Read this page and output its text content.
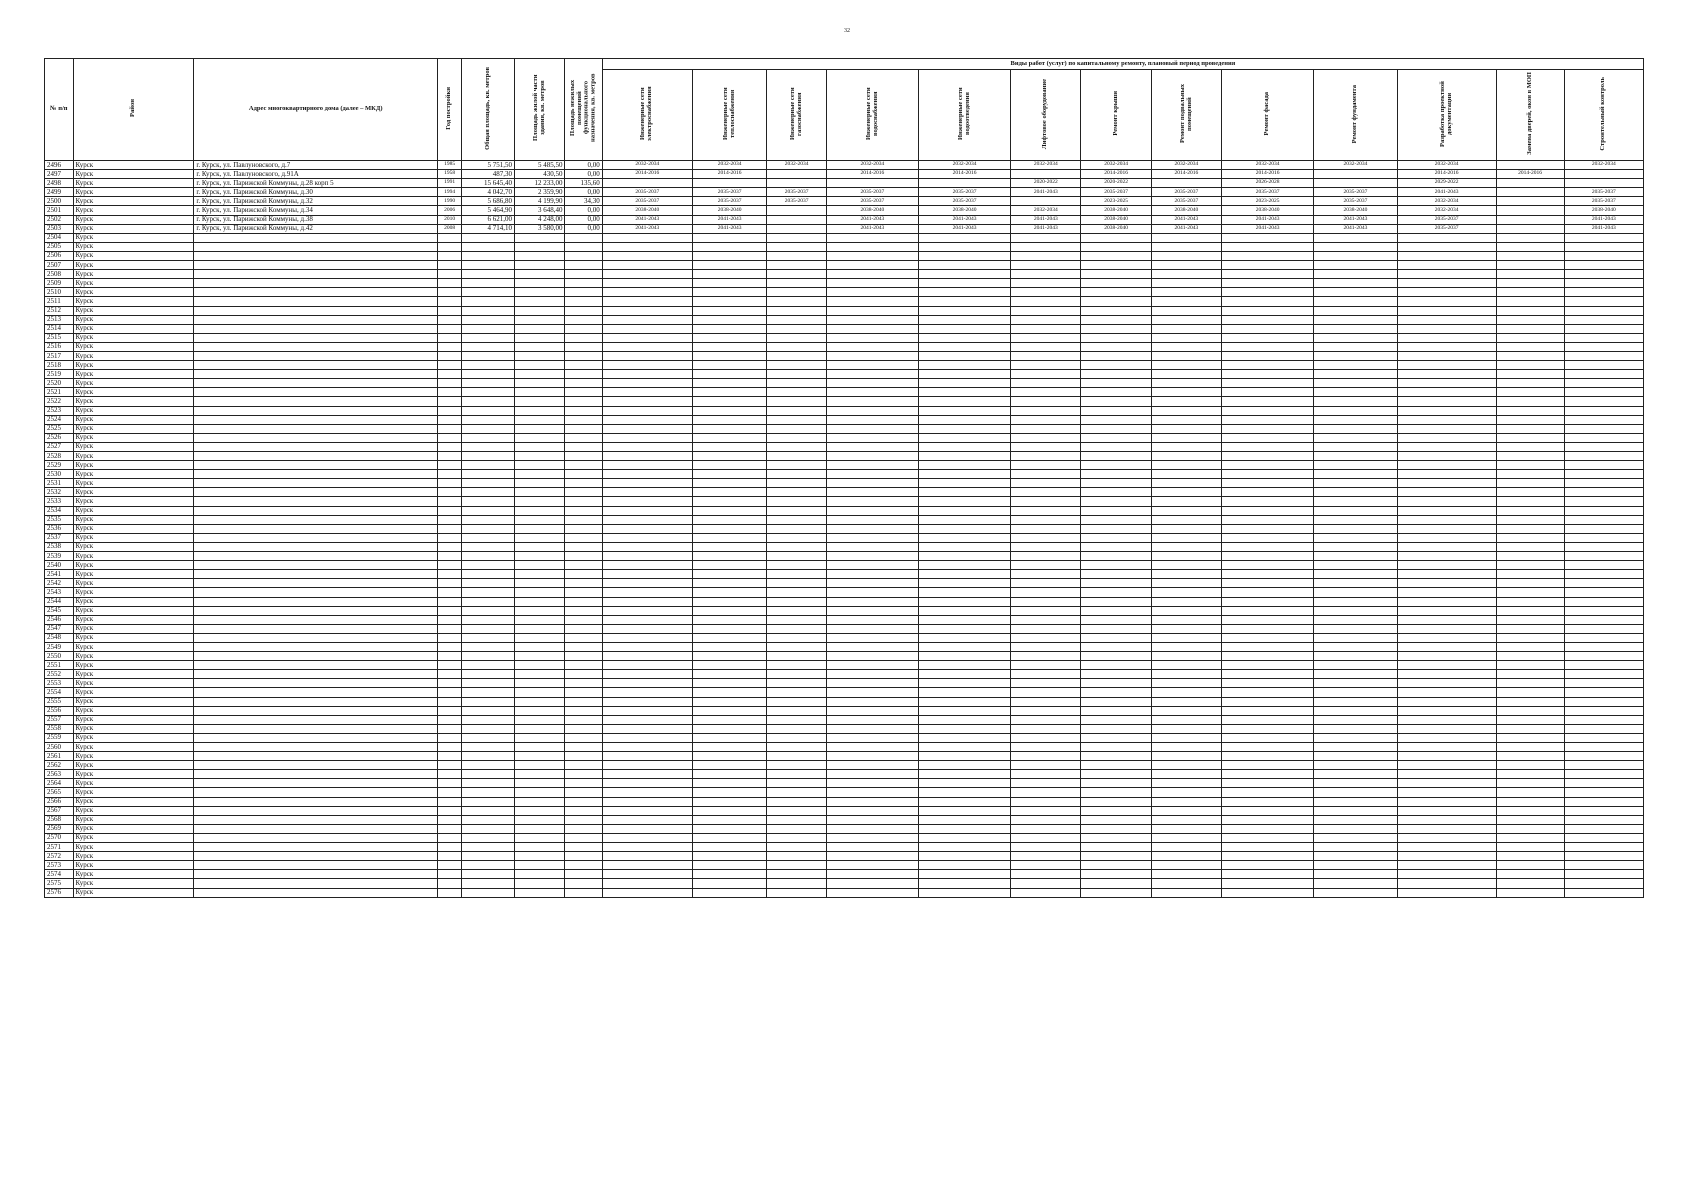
32
№ п/п	Район	Адрес многоквартирного дома (далее – МКД)	Год постройки	Общая площадь, кв. метров	Площадь жилой части здания, кв. метров	Площадь нежилых помещений функционального назначения, кв. метров	Виды работ (услуг) по капитальному ремонту, плановый период проведения												
							Инженерные сети электроснабжения	Инженерные сети теплоснабжения	Инженерные сети газоснабжения	Инженерные сети водоснабжения	Инженерные сети водоотведения	Лифтовое оборудование	Ремонт крыши	Ремонт подвальных помещений	Ремонт фасада	Ремонт фундамента	Разработка проектной документации	Замена дверей, окон в МОП	Строительный контроль
2496	Курск	г. Курск, ул. Павлуновского, д.7	1985	5 751,50	5 485,50	0,00	2032-2034	2032-2034	2032-2034	2032-2034	2032-2034	2032-2034	2032-2034	2032-2034	2032-2034	2032-2034	2032-2034		2032-2034
2497	Курск	г. Курск, ул. Павлуновского, д.91А	1958	487,30	430,50	0,00	2014-2016	2014-2016		2014-2016	2014-2016		2014-2016	2014-2016	2014-2016		2014-2016	2014-2016	
2498	Курск	г. Курск, ул. Парижской Коммуны, д.28 корп 5	1991	15 645,40	12 233,00	135,60						2020-2022	2020-2022		2026-2028		2029-2022		
2499	Курск	г. Курск, ул. Парижской Коммуны, д.30	1994	4 042,70	2 359,90	0,00	2035-2037	2035-2037	2035-2037	2035-2037	2035-2037	2041-2043	2035-2037	2035-2037	2035-2037	2035-2037	2041-2043		2035-2037
2500	Курск	г. Курск, ул. Парижской Коммуны, д.32	1990	5 686,80	4 199,90	34,30	2035-2037	2035-2037	2035-2037	2035-2037	2035-2037		2023-2025	2035-2037	2023-2025	2035-2037	2032-2034		2035-2037
2501	Курск	г. Курск, ул. Парижской Коммуны, д.34	2006	5 464,90	3 648,40	0,00	2038-2040	2038-2040		2038-2040	2038-2040	2032-2034	2038-2040	2038-2040	2038-2040	2038-2040	2032-2034		2038-2040
2502	Курск	г. Курск, ул. Парижской Коммуны, д.38	2010	6 621,00	4 248,00	0,00	2041-2043	2041-2043		2041-2043	2041-2043	2041-2043	2038-2040	2041-2043	2041-2043	2041-2043	2035-2037		2041-2043
2503	Курск	г. Курск, ул. Парижской Коммуны, д.42	2008	4 714,10	3 580,00	0,00	2041-2043	2041-2043		2041-2043	2041-2043	2041-2043	2038-2040	2041-2043	2041-2043	2041-2043	2035-2037		2041-2043
2504	Курск																		
2505	Курск																		
2506	Курск																		
2507	Курск																		
2508	Курск																		
2509	Курск																		
2510	Курск																		
2511	Курск																		
2512	Курск																		
2513	Курск																		
2514	Курск																		
2515	Курск																		
2516	Курск																		
2517	Курск																		
2518	Курск																		
2519	Курск																		
2520	Курск																		
2521	Курск																		
2522	Курск																		
2523	Курск																		
2524	Курск																		
2525	Курск																		
2526	Курск																		
2527	Курск																		
2528	Курск																		
2529	Курск																		
2530	Курск																		
2531	Курск																		
2532	Курск																		
2533	Курск																		
2534	Курск																		
2535	Курск																		
2536	Курск																		
2537	Курск																		
2538	Курск																		
2539	Курск																		
2540	Курск																		
2541	Курск																		
2542	Курск																		
2543	Курск																		
2544	Курск																		
2545	Курск																		
2546	Курск																		
2547	Курск																		
2548	Курск																		
2549	Курск																		
2550	Курск																		
2551	Курск																		
2552	Курск																		
2553	Курск																		
2554	Курск																		
2555	Курск																		
2556	Курск																		
2557	Курск																		
2558	Курск																		
2559	Курск																		
2560	Курск																		
2561	Курск																		
2562	Курск																		
2563	Курск																		
2564	Курск																		
2565	Курск																		
2566	Курск																		
2567	Курск																		
2568	Курск																		
2569	Курск																		
2570	Курск																		
2571	Курск																		
2572	Курск																		
2573	Курск																		
2574	Курск																		
2575	Курск																		
2576	Курск																		
